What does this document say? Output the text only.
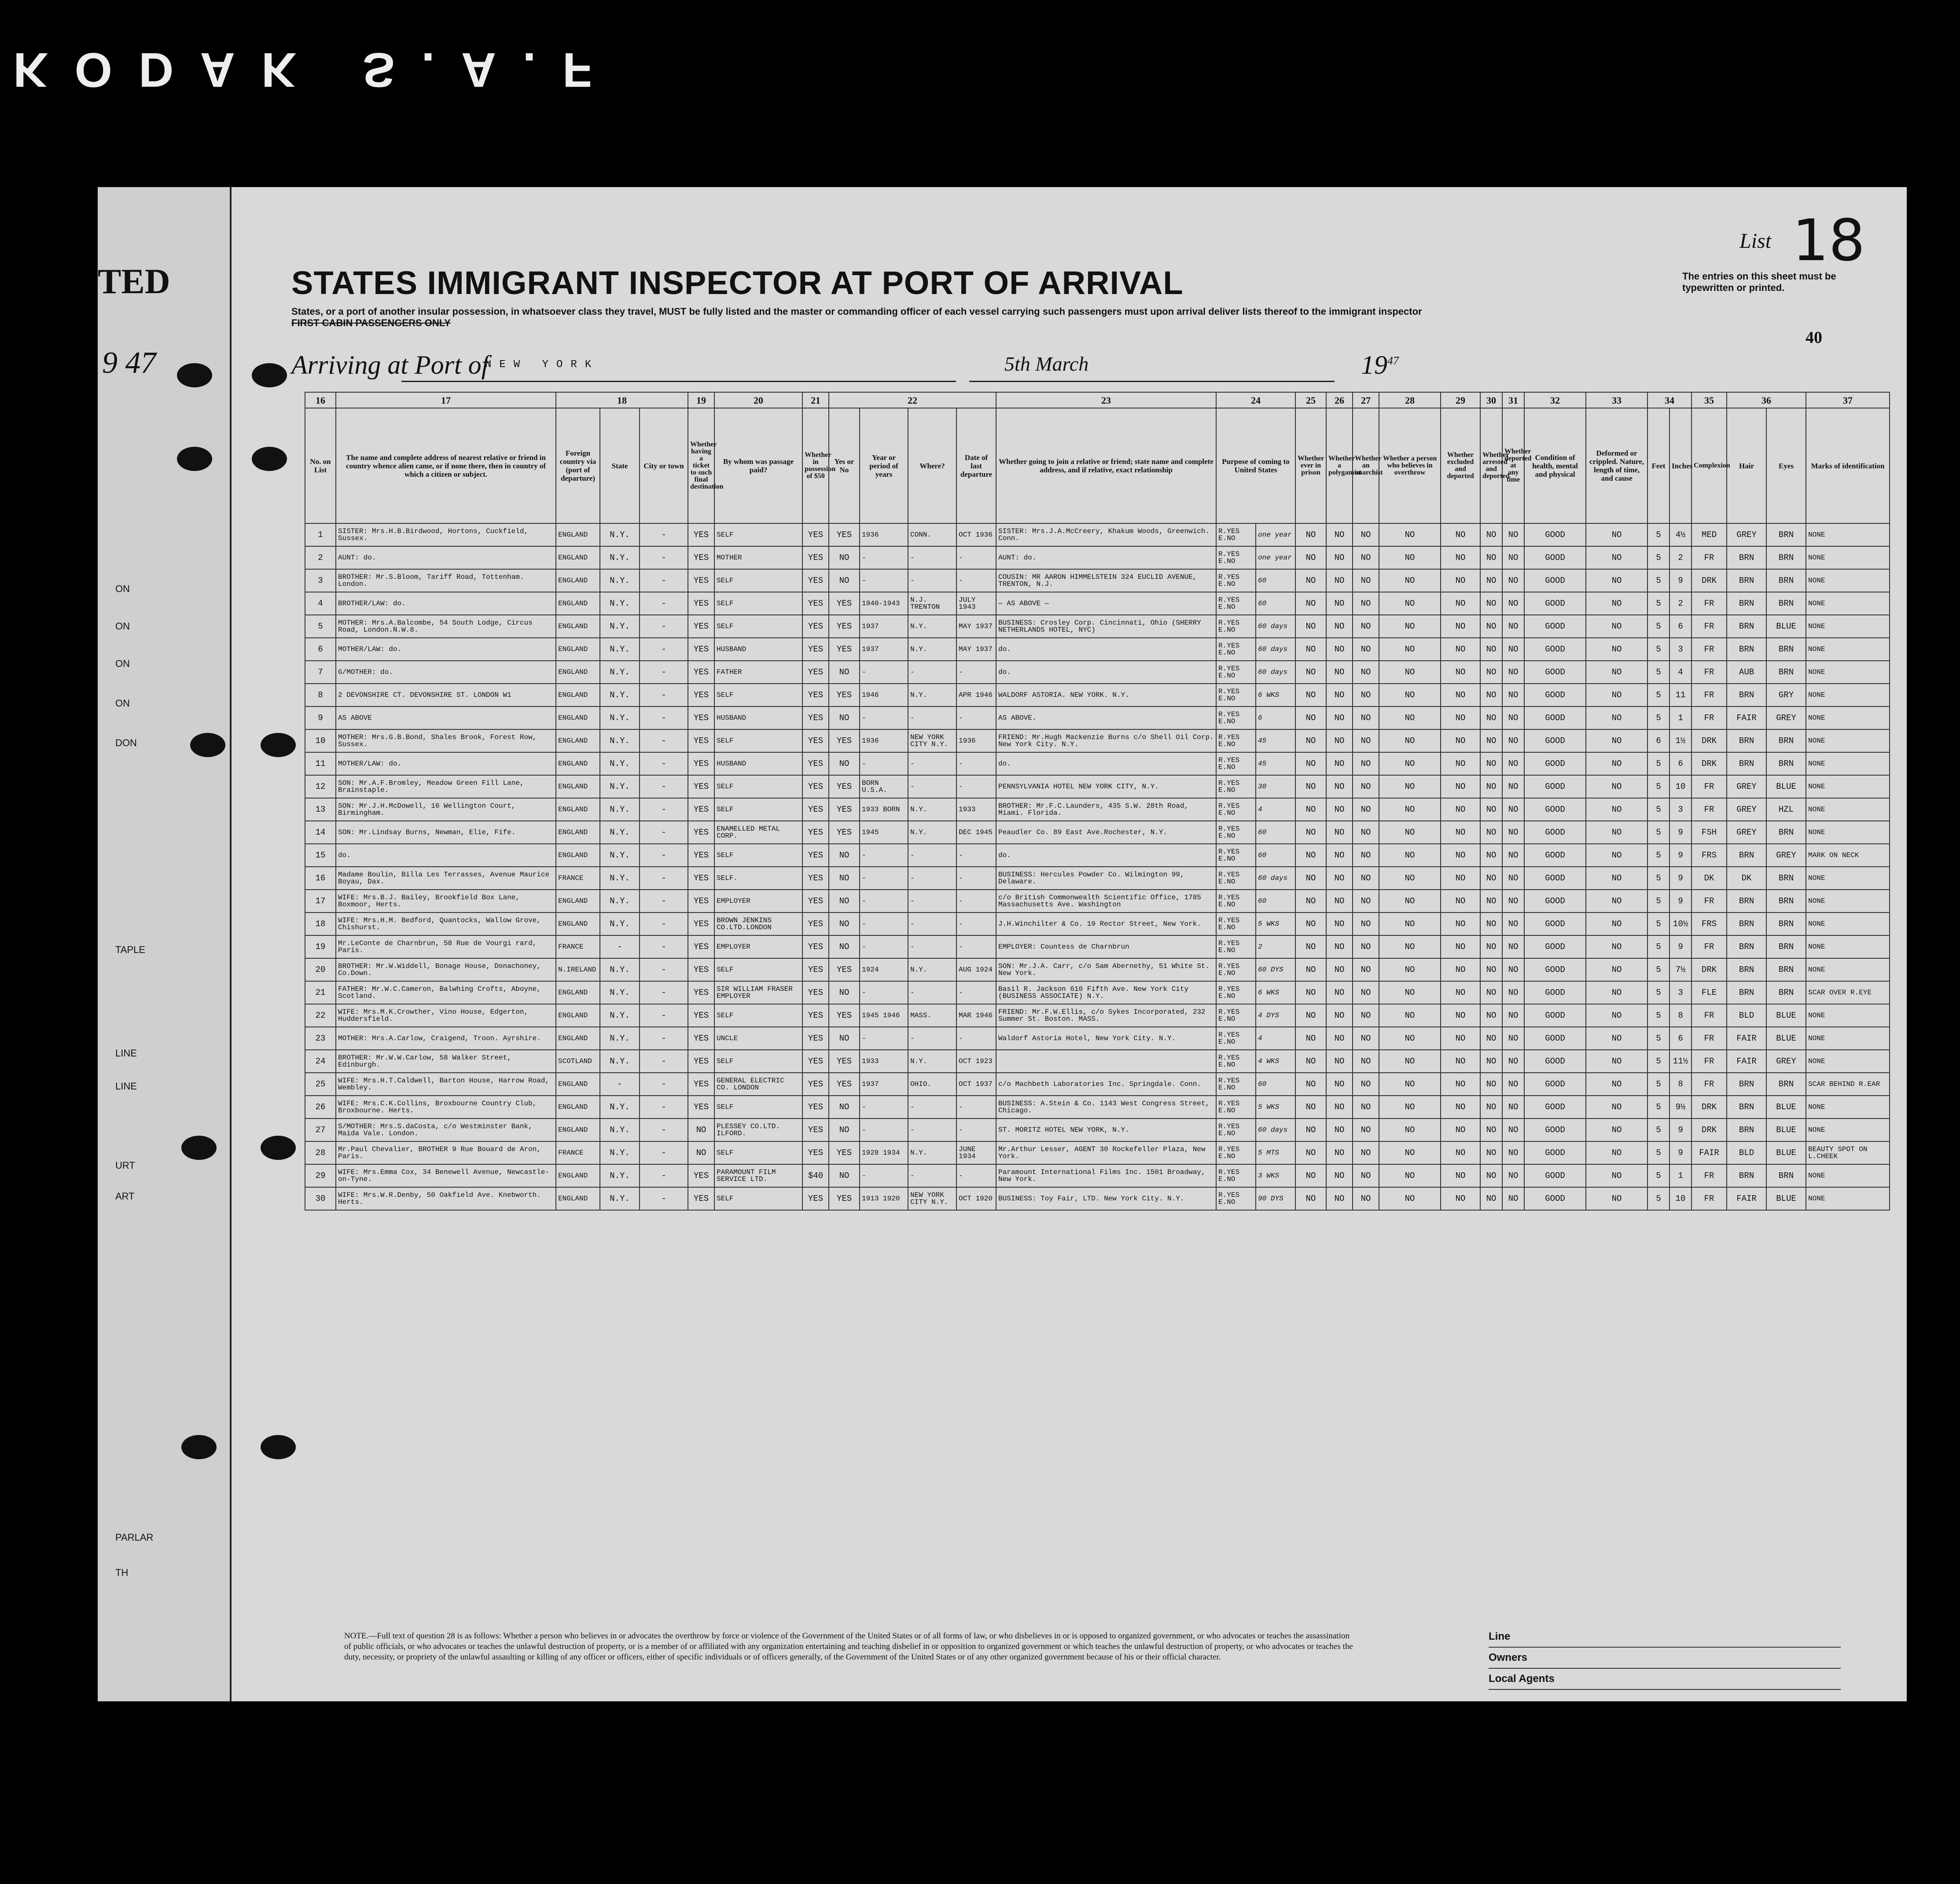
KODAK S.A.F
TED
9 47
ON
ON
ON
ON
DON
TAPLE
LINE
LINE
URT
ART
PARLAR
TH
STATES IMMIGRANT INSPECTOR AT PORT OF ARRIVAL
States, or a port of another insular possession, in whatsoever class they travel, MUST be fully listed and the master or commanding officer of each vessel carrying such passengers must upon arrival deliver lists thereof to the immigrant inspector
FIRST CABIN PASSENGERS ONLY
List 18
The entries on this sheet must be typewritten or printed.
40
Arriving at Port of
NEW YORK	5th March	$19^{47}$
16	17	18			19	20	21	22				23	24		25	26	27	28	29	30	31	32	33	34		35	36		37
No. on List	The name and complete address of nearest relative or friend in country whence alien came, or if none there, then in country of which a citizen or subject.	Foreign country via (port of departure)	State	City or town	Whether having a ticket to such final destination	By whom was passage paid?	Whether in possession of $50	Yes or No	Year or period of years	Where?	Date of last departure	Whether going to join a relative or friend; state name and complete address, and if relative, exact relationship	Purpose of coming to United States		Whether ever in prison	Whether a polygamist	Whether an anarchist	Whether a person who believes in overthrow	Whether excluded and deported	Whether arrested and deported	Whether deported at any time	Condition of health, mental and physical	Deformed or crippled. Nature, length of time, and cause	Feet	Inches	Complexion	Hair	Eyes	Marks of identification
1	SISTER: Mrs.H.B.Birdwood, Hortons, Cuckfield, Sussex.	ENGLAND	N.Y.	-	YES	SELF	YES	YES	1936	CONN.	OCT 1936	SISTER: Mrs.J.A.McCreery, Khakum Woods, Greenwich. Conn.	R.YES E.NO	one year	NO	NO	NO	NO	NO	NO	NO	GOOD	NO	5	4½	MED	GREY	BRN	NONE
2	AUNT: do.	ENGLAND	N.Y.	-	YES	MOTHER	YES	NO	-	-	-	AUNT: do.	R.YES E.NO	one year	NO	NO	NO	NO	NO	NO	NO	GOOD	NO	5	2	FR	BRN	BRN	NONE
3	BROTHER: Mr.S.Bloom, Tariff Road, Tottenham. London.	ENGLAND	N.Y.	-	YES	SELF	YES	NO	-	-	-	COUSIN: MR AARON HIMMELSTEIN 324 EUCLID AVENUE, TRENTON, N.J.	R.YES E.NO	60	NO	NO	NO	NO	NO	NO	NO	GOOD	NO	5	9	DRK	BRN	BRN	NONE
4	BROTHER/LAW: do.	ENGLAND	N.Y.	-	YES	SELF	YES	YES	1940-1943	N.J. TRENTON	JULY 1943	— AS ABOVE —	R.YES E.NO	60	NO	NO	NO	NO	NO	NO	NO	GOOD	NO	5	2	FR	BRN	BRN	NONE
5	MOTHER: Mrs.A.Balcombe, 54 South Lodge, Circus Road, London.N.W.8.	ENGLAND	N.Y.	-	YES	SELF	YES	YES	1937	N.Y.	MAY 1937	BUSINESS: Crosley Corp. Cincinnati, Ohio (SHERRY NETHERLANDS HOTEL, NYC)	R.YES E.NO	60 days	NO	NO	NO	NO	NO	NO	NO	GOOD	NO	5	6	FR	BRN	BLUE	NONE
6	MOTHER/LAW: do.	ENGLAND	N.Y.	-	YES	HUSBAND	YES	YES	1937	N.Y.	MAY 1937	do.	R.YES E.NO	60 days	NO	NO	NO	NO	NO	NO	NO	GOOD	NO	5	3	FR	BRN	BRN	NONE
7	G/MOTHER: do.	ENGLAND	N.Y.	-	YES	FATHER	YES	NO	-	-	-	do.	R.YES E.NO	60 days	NO	NO	NO	NO	NO	NO	NO	GOOD	NO	5	4	FR	AUB	BRN	NONE
8	2 DEVONSHIRE CT. DEVONSHIRE ST. LONDON W1	ENGLAND	N.Y.	-	YES	SELF	YES	YES	1946	N.Y.	APR 1946	WALDORF ASTORIA. NEW YORK. N.Y.	R.YES E.NO	6 WKS	NO	NO	NO	NO	NO	NO	NO	GOOD	NO	5	11	FR	BRN	GRY	NONE
9	AS ABOVE	ENGLAND	N.Y.	-	YES	HUSBAND	YES	NO	-	-	-	AS ABOVE.	R.YES E.NO	6	NO	NO	NO	NO	NO	NO	NO	GOOD	NO	5	1	FR	FAIR	GREY	NONE
10	MOTHER: Mrs.G.B.Bond, Shales Brook, Forest Row, Sussex.	ENGLAND	N.Y.	-	YES	SELF	YES	YES	1936	NEW YORK CITY N.Y.	1936	FRIEND: Mr.Hugh Mackenzie Burns c/o Shell Oil Corp. New York City. N.Y.	R.YES E.NO	45	NO	NO	NO	NO	NO	NO	NO	GOOD	NO	6	1½	DRK	BRN	BRN	NONE
11	MOTHER/LAW: do.	ENGLAND	N.Y.	-	YES	HUSBAND	YES	NO	-	-	-	do.	R.YES E.NO	45	NO	NO	NO	NO	NO	NO	NO	GOOD	NO	5	6	DRK	BRN	BRN	NONE
12	SON: Mr.A.F.Bromley, Meadow Green Fill Lane, Brainstaple.	ENGLAND	N.Y.	-	YES	SELF	YES	YES	BORN U.S.A.	-	-	PENNSYLVANIA HOTEL NEW YORK CITY, N.Y.	R.YES E.NO	30	NO	NO	NO	NO	NO	NO	NO	GOOD	NO	5	10	FR	GREY	BLUE	NONE
13	SON: Mr.J.H.McDowell, 16 Wellington Court, Birmingham.	ENGLAND	N.Y.	-	YES	SELF	YES	YES	1933 BORN	N.Y.	1933	BROTHER: Mr.F.C.Launders, 435 S.W. 28th Road, Miami. Florida.	R.YES E.NO	4	NO	NO	NO	NO	NO	NO	NO	GOOD	NO	5	3	FR	GREY	HZL	NONE
14	SON: Mr.Lindsay Burns, Newman, Elie, Fife.	ENGLAND	N.Y.	-	YES	ENAMELLED METAL CORP.	YES	YES	1945	N.Y.	DEC 1945	Peaudler Co. 89 East Ave.Rochester, N.Y.	R.YES E.NO	60	NO	NO	NO	NO	NO	NO	NO	GOOD	NO	5	9	FSH	GREY	BRN	NONE
15	do.	ENGLAND	N.Y.	-	YES	SELF	YES	NO	-	-	-	do.	R.YES E.NO	60	NO	NO	NO	NO	NO	NO	NO	GOOD	NO	5	9	FRS	BRN	GREY	MARK ON NECK
16	Madame Boulin, Billa Les Terrasses, Avenue Maurice Boyau, Dax.	FRANCE	N.Y.	-	YES	SELF.	YES	NO	-	-	-	BUSINESS: Hercules Powder Co. Wilmington 99, Delaware.	R.YES E.NO	60 days	NO	NO	NO	NO	NO	NO	NO	GOOD	NO	5	9	DK	DK	BRN	NONE
17	WIFE: Mrs.B.J. Bailey, Brookfield Box Lane, Boxmoor, Herts.	ENGLAND	N.Y.	-	YES	EMPLOYER	YES	NO	-	-	-	c/o British Commonwealth Scientific Office, 1785 Massachusetts Ave. Washington	R.YES E.NO	60	NO	NO	NO	NO	NO	NO	NO	GOOD	NO	5	9	FR	BRN	BRN	NONE
18	WIFE: Mrs.H.M. Bedford, Quantocks, Wallow Grove, Chishurst.	ENGLAND	N.Y.	-	YES	BROWN JENKINS CO.LTD.LONDON	YES	NO	-	-	-	J.H.Winchilter & Co. 19 Rector Street, New York.	R.YES E.NO	5 WKS	NO	NO	NO	NO	NO	NO	NO	GOOD	NO	5	10½	FRS	BRN	BRN	NONE
19	Mr.LeConte de Charnbrun, 58 Rue de Vourgi rard, Paris.	FRANCE	-	-	YES	EMPLOYER	YES	NO	-	-	-	EMPLOYER: Countess de Charnbrun	R.YES E.NO	2	NO	NO	NO	NO	NO	NO	NO	GOOD	NO	5	9	FR	BRN	BRN	NONE
20	BROTHER: Mr.W.Widdell, Bonage House, Donachoney, Co.Down.	N.IRELAND	N.Y.	-	YES	SELF	YES	YES	1924	N.Y.	AUG 1924	SON: Mr.J.A. Carr, c/o Sam Abernethy, 51 White St. New York.	R.YES E.NO	60 DYS	NO	NO	NO	NO	NO	NO	NO	GOOD	NO	5	7½	DRK	BRN	BRN	NONE
21	FATHER: Mr.W.C.Cameron, Balwhing Crofts, Aboyne, Scotland.	ENGLAND	N.Y.	-	YES	SIR WILLIAM FRASER EMPLOYER	YES	NO	-	-	-	Basil R. Jackson 610 Fifth Ave. New York City (BUSINESS ASSOCIATE) N.Y.	R.YES E.NO	6 WKS	NO	NO	NO	NO	NO	NO	NO	GOOD	NO	5	3	FLE	BRN	BRN	SCAR OVER R.EYE
22	WIFE: Mrs.M.K.Crowther, Vino House, Edgerton, Huddersfield.	ENGLAND	N.Y.	-	YES	SELF	YES	YES	1945 1946	MASS.	MAR 1946	FRIEND: Mr.F.W.Ellis, c/o Sykes Incorporated, 232 Summer St. Boston. MASS.	R.YES E.NO	4 DYS	NO	NO	NO	NO	NO	NO	NO	GOOD	NO	5	8	FR	BLD	BLUE	NONE
23	MOTHER: Mrs.A.Carlow, Craigend, Troon. Ayrshire.	ENGLAND	N.Y.	-	YES	UNCLE	YES	NO	-	-	-	Waldorf Astoria Hotel, New York City. N.Y.	R.YES E.NO	4	NO	NO	NO	NO	NO	NO	NO	GOOD	NO	5	6	FR	FAIR	BLUE	NONE
24	BROTHER: Mr.W.W.Carlow, 58 Walker Street, Edinburgh.	SCOTLAND	N.Y.	-	YES	SELF	YES	YES	1933	N.Y.	OCT 1923		R.YES E.NO	4 WKS	NO	NO	NO	NO	NO	NO	NO	GOOD	NO	5	11½	FR	FAIR	GREY	NONE
25	WIFE: Mrs.H.T.Caldwell, Barton House, Harrow Road, Wembley.	ENGLAND	-	-	YES	GENERAL ELECTRIC CO. LONDON	YES	YES	1937	OHIO.	OCT 1937	c/o Machbeth Laboratories Inc. Springdale. Conn.	R.YES E.NO	60	NO	NO	NO	NO	NO	NO	NO	GOOD	NO	5	8	FR	BRN	BRN	SCAR BEHIND R.EAR
26	WIFE: Mrs.C.K.Collins, Broxbourne Country Club, Broxbourne. Herts.	ENGLAND	N.Y.	-	YES	SELF	YES	NO	-	-	-	BUSINESS: A.Stein & Co. 1143 West Congress Street, Chicago.	R.YES E.NO	5 WKS	NO	NO	NO	NO	NO	NO	NO	GOOD	NO	5	9½	DRK	BRN	BLUE	NONE
27	S/MOTHER: Mrs.S.daCosta, c/o Westminster Bank, Maida Vale. London.	ENGLAND	N.Y.	-	NO	PLESSEY CO.LTD. ILFORD.	YES	NO	-	-	-	ST. MORITZ HOTEL NEW YORK, N.Y.	R.YES E.NO	60 days	NO	NO	NO	NO	NO	NO	NO	GOOD	NO	5	9	DRK	BRN	BLUE	NONE
28	Mr.Paul Chevalier, BROTHER 9 Rue Bouard de Aron, Paris.	FRANCE	N.Y.	-	NO	SELF	YES	YES	1928 1934	N.Y.	JUNE 1934	Mr.Arthur Lesser, AGENT 30 Rockefeller Plaza, New York.	R.YES E.NO	5 MTS	NO	NO	NO	NO	NO	NO	NO	GOOD	NO	5	9	FAIR	BLD	BLUE	BEAUTY SPOT ON L.CHEEK
29	WIFE: Mrs.Emma Cox, 34 Benewell Avenue, Newcastle-on-Tyne.	ENGLAND	N.Y.	-	YES	PARAMOUNT FILM SERVICE LTD.	$40	NO	-	-	-	Paramount International Films Inc. 1501 Broadway, New York.	R.YES E.NO	3 WKS	NO	NO	NO	NO	NO	NO	NO	GOOD	NO	5	1	FR	BRN	BRN	NONE
30	WIFE: Mrs.W.R.Denby, 50 Oakfield Ave. Knebworth. Herts.	ENGLAND	N.Y.	-	YES	SELF	YES	YES	1913 1920	NEW YORK CITY N.Y.	OCT 1920	BUSINESS: Toy Fair, LTD. New York City. N.Y.	R.YES E.NO	90 DYS	NO	NO	NO	NO	NO	NO	NO	GOOD	NO	5	10	FR	FAIR	BLUE	NONE
NOTE.—Full text of question 28 is as follows: Whether a person who believes in or advocates the overthrow by force or violence of the Government of the United States or of all forms of law, or who disbelieves in or is opposed to organized government, or who advocates or teaches the assassination of public officials, or who advocates or teaches the unlawful destruction of property, or is a member of or affiliated with any organization entertaining and teaching disbelief in or opposition to organized government or which teaches the unlawful destruction of property, or who advocates or teaches the duty, necessity, or propriety of the unlawful assaulting or killing of any officer or officers, either of specific individuals or of officers generally, of the Government of the United States or of any other organized government because of his or their official character.
Line
Owners
Local Agents
